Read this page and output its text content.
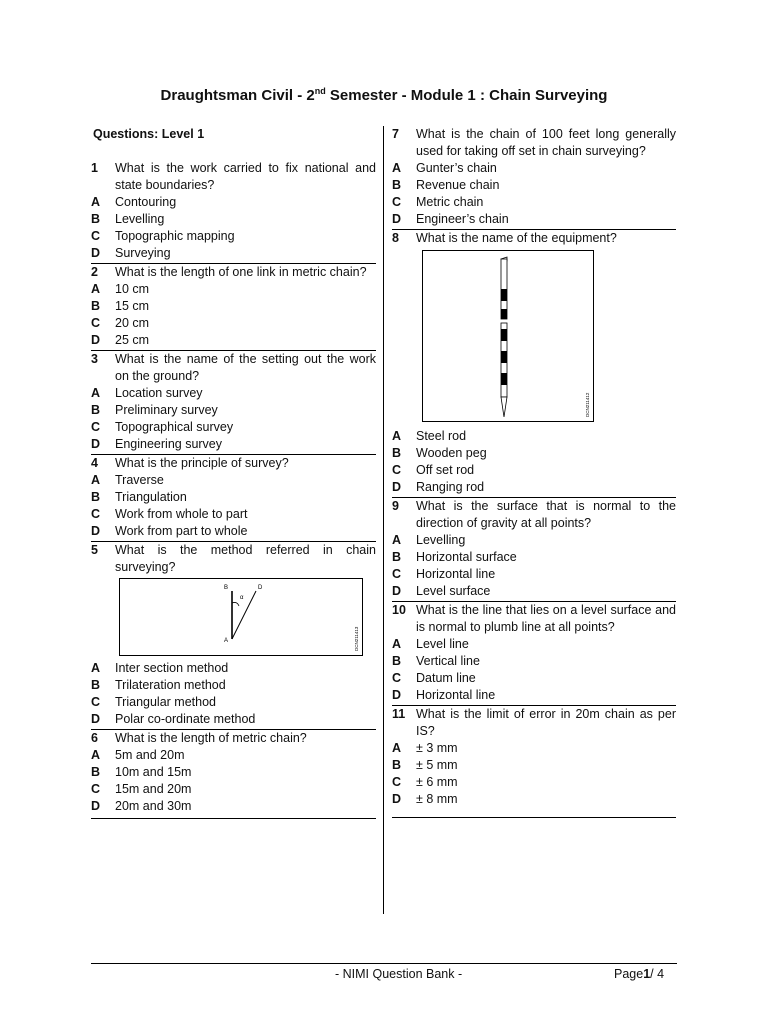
Draughtsman Civil - 2nd Semester - Module 1 : Chain Surveying
Questions: Level 1
1	What is the work carried to fix national and state boundaries?
A	Contouring
B	Levelling
C	Topographic mapping
D	Surveying
2	What is the length of one link in metric chain?
A	10 cm
B	15 cm
C	20 cm
D	25 cm
3	What is the name of the setting out the work on the ground?
A	Location survey
B	Preliminary survey
C	Topographical survey
D	Engineering survey
4	What is the principle of survey?
A	Traverse
B	Triangulation
C	Work from whole to part
D	Work from part to whole
5	What is the method referred in chain surveying?
B	D
A
α
DCN211413
A	Inter section method
B	Trilateration method
C	Triangular method
D	Polar co-ordinate method
6	What is the length of metric chain?
A	5m and 20m
B	10m and 15m
C	15m and 20m
D	20m and 30m
7	What is the chain of 100 feet long generally used for taking off set in chain surveying?
A	Gunter’s chain
B	Revenue chain
C	Metric chain
D	Engineer’s chain
8	What is the name of the equipment?
DCN211412
A	Steel rod
B	Wooden peg
C	Off set rod
D	Ranging rod
9	What is the surface that is normal to the direction of gravity at all points?
A	Levelling
B	Horizontal surface
C	Horizontal line
D	Level surface
10 What is the line that lies on a level surface and is normal to plumb line at all points?
A	Level line
B	Vertical line
C	Datum line
D	Horizontal line
11 What is the limit of error in 20m chain as per IS?
A	± 3 mm
B	± 5 mm
C	± 6 mm
D	± 8 mm
- NIMI Question Bank -	Page1/ 4
